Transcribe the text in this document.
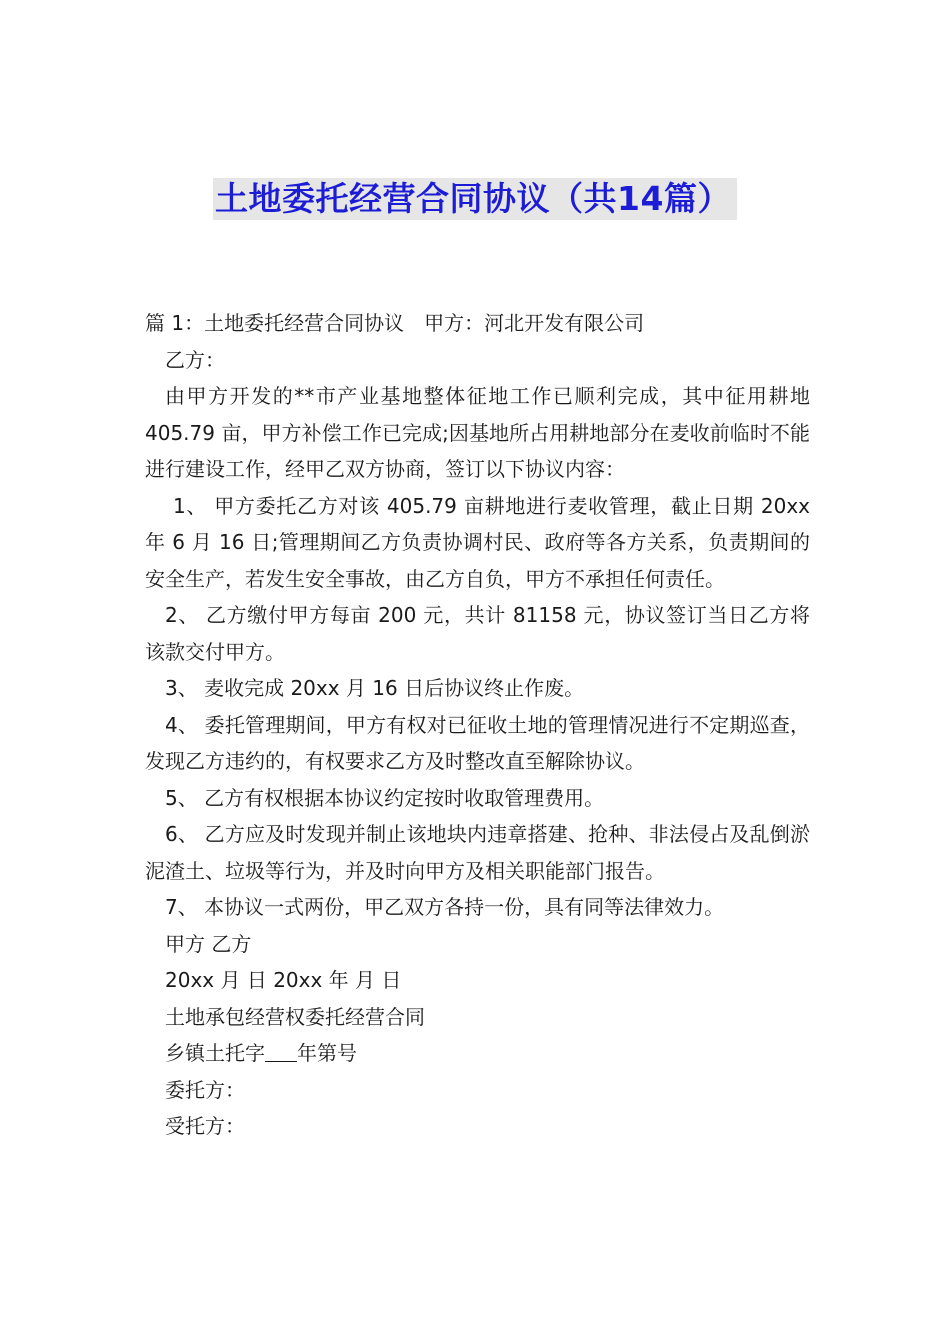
土地委托经营合同协议（共14篇）

篇 1：土地委托经营合同协议　甲方：河北开发有限公司

乙方：

由甲方开发的**市产业基地整体征地工作已顺利完成，其中征用耕地 405.79 亩，甲方补偿工作已完成;因基地所占用耕地部分在麦收前临时不能进行建设工作，经甲乙双方协商，签订以下协议内容：

1、 甲方委托乙方对该 405.79 亩耕地进行麦收管理，截止日期 20xx 年 6 月 16 日;管理期间乙方负责协调村民、政府等各方关系，负责期间的安全生产，若发生安全事故，由乙方自负，甲方不承担任何责任。

2、 乙方缴付甲方每亩 200 元，共计 81158 元，协议签订当日乙方将该款交付甲方。

3、 麦收完成 20xx 月 16 日后协议终止作废。

4、 委托管理期间，甲方有权对已征收土地的管理情况进行不定期巡查，发现乙方违约的，有权要求乙方及时整改直至解除协议。

5、 乙方有权根据本协议约定按时收取管理费用。

6、 乙方应及时发现并制止该地块内违章搭建、抢种、非法侵占及乱倒淤泥渣土、垃圾等行为，并及时向甲方及相关职能部门报告。

7、 本协议一式两份，甲乙双方各持一份，具有同等法律效力。

甲方 乙方

20xx 月 日 20xx 年 月 日

土地承包经营权委托经营合同

乡镇土托字 年第号

委托方：

受托方：
